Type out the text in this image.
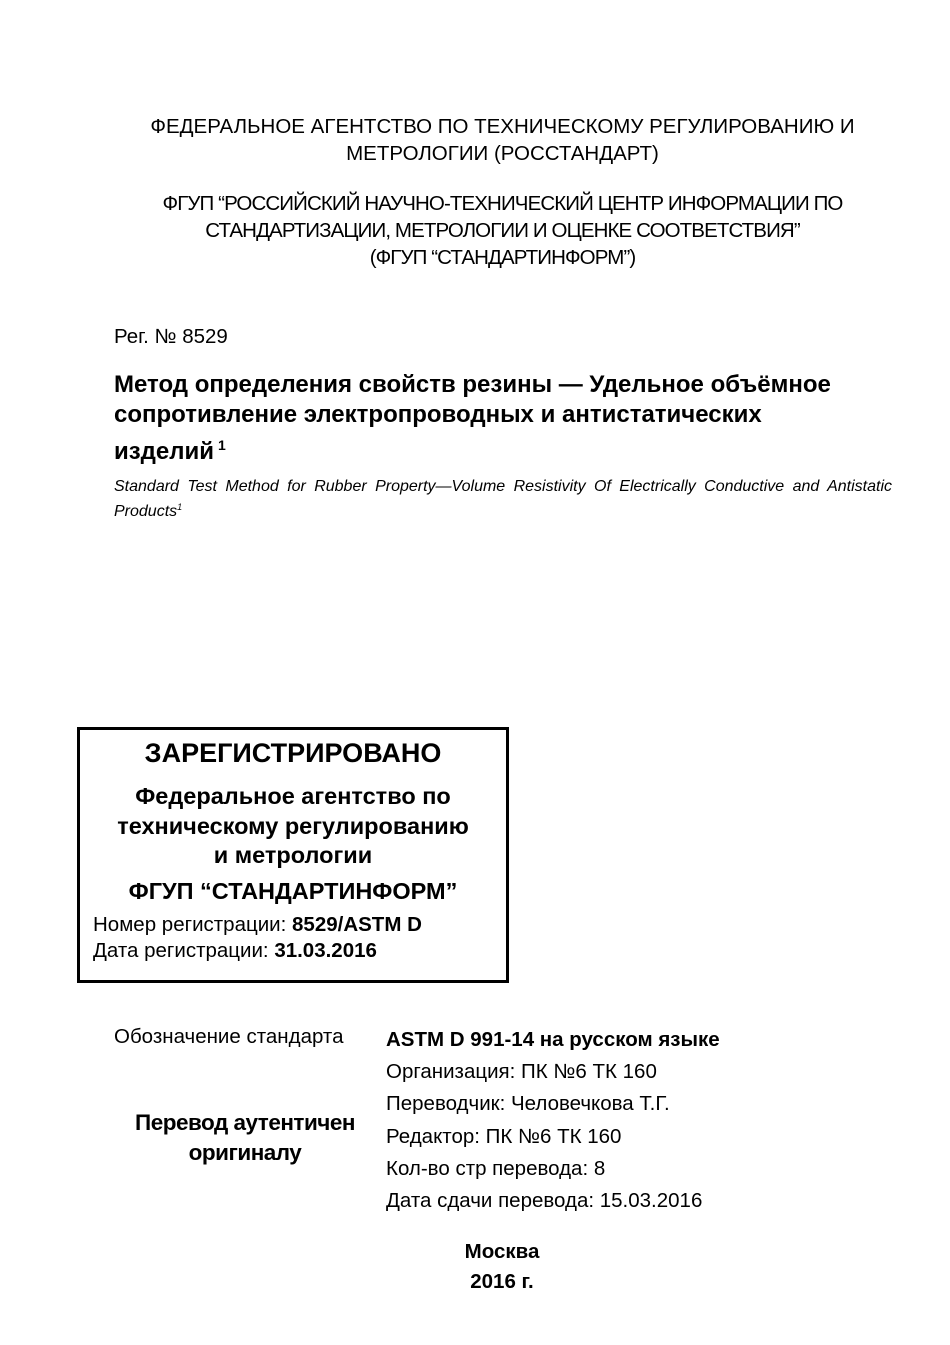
ФЕДЕРАЛЬНОЕ АГЕНТСТВО ПО ТЕХНИЧЕСКОМУ РЕГУЛИРОВАНИЮ И
МЕТРОЛОГИИ (РОССТАНДАРТ)
ФГУП “РОССИЙСКИЙ НАУЧНО-ТЕХНИЧЕСКИЙ ЦЕНТР ИНФОРМАЦИИ ПО
СТАНДАРТИЗАЦИИ, МЕТРОЛОГИИ И ОЦЕНКЕ СООТВЕТСТВИЯ”
(ФГУП “СТАНДАРТИНФОРМ”)
Рег. № 8529
Метод определения свойств резины — Удельное объёмное
сопротивление электропроводных и антистатических
изделий $^1$
Standard Test Method for Rubber Property—Volume Resistivity Of Electrically Conductive and Antistatic Products$^1$
ЗАРЕГИСТРИРОВАНО
Федеральное агентство по
техническому регулированию
и метрологии
ФГУП “СТАНДАРТИНФОРМ”
Номер регистрации: 8529/ASTM D
Дата регистрации: 31.03.2016
Обозначение стандарта
Перевод аутентичен
оригиналу
ASTM D 991-14 на русском языке
Организация: ПК №6 ТК 160
Переводчик: Человечкова Т.Г.
Редактор: ПК №6 ТК 160
Кол-во стр перевода: 8
Дата сдачи перевода: 15.03.2016
Москва
2016 г.
